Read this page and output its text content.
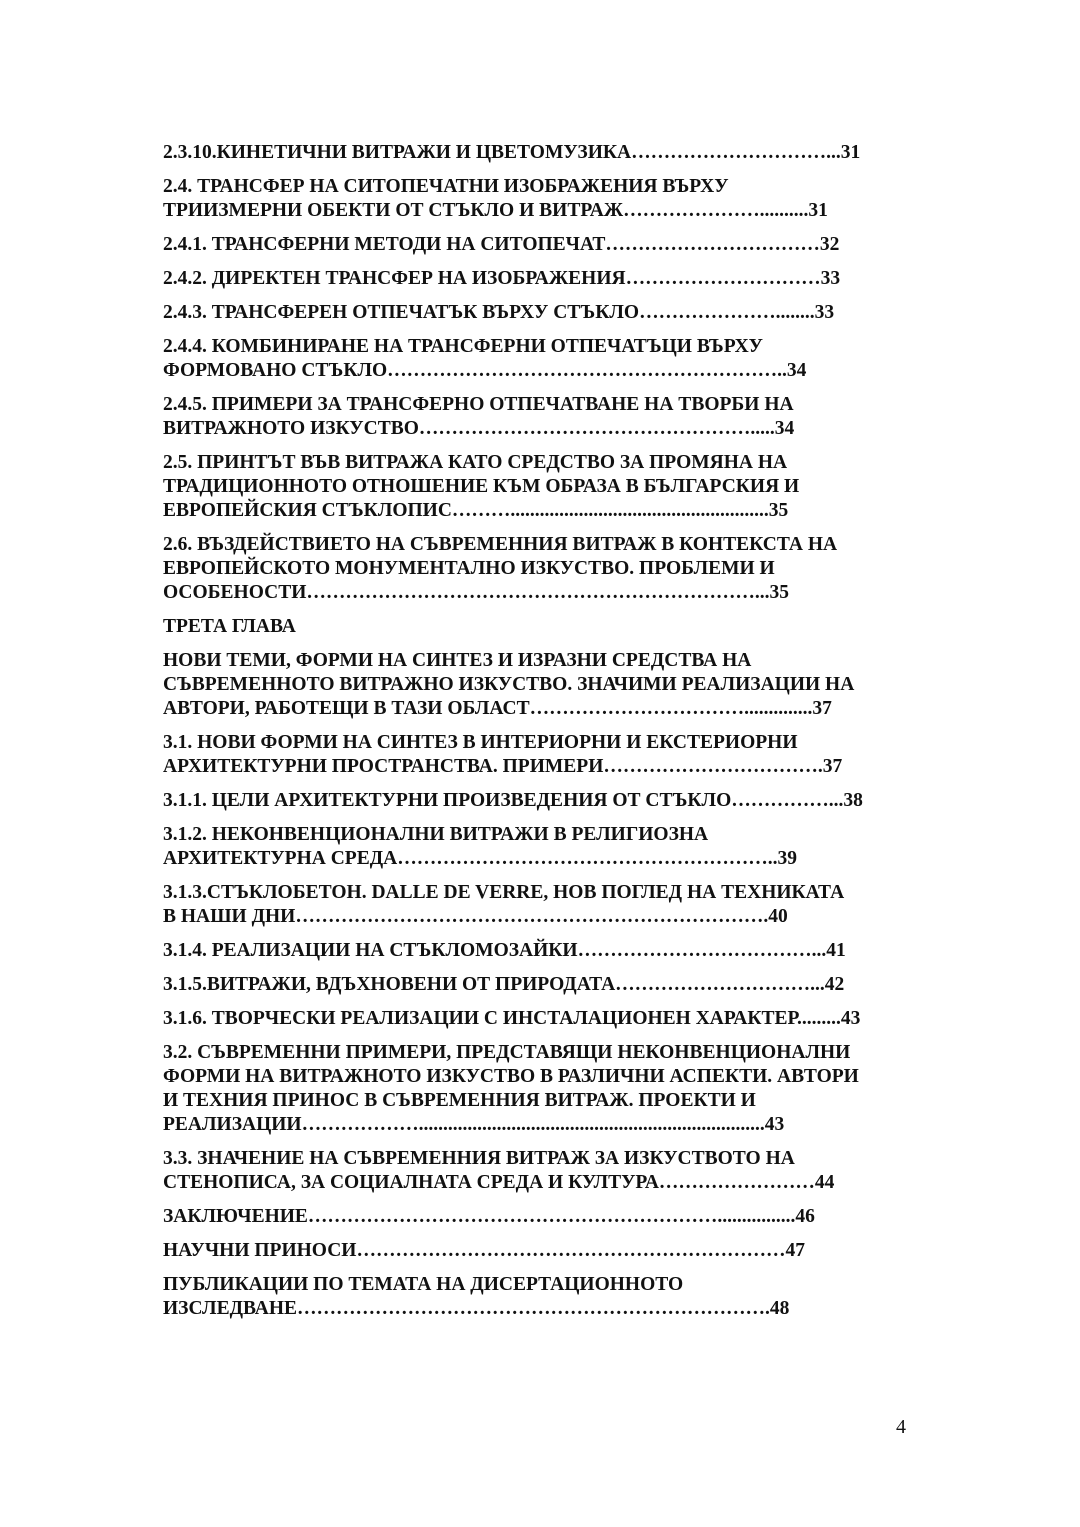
2.3.10.КИНЕТИЧНИ ВИТРАЖИ И ЦВЕТОМУЗИКА…………………………...31
2.4. ТРАНСФЕР НА СИТОПЕЧАТНИ ИЗОБРАЖЕНИЯ ВЪРХУ
ТРИИЗМЕРНИ ОБЕКТИ ОТ СТЪКЛО И ВИТРАЖ…………………..........31
2.4.1. ТРАНСФЕРНИ МЕТОДИ НА СИТОПЕЧАТ……………………………32
2.4.2. ДИРЕКТЕН ТРАНСФЕР НА ИЗОБРАЖЕНИЯ…………………………33
2.4.3. ТРАНСФЕРЕН ОТПЕЧАТЪК ВЪРХУ СТЪКЛО…………………........33
2.4.4. КОМБИНИРАНЕ НА ТРАНСФЕРНИ ОТПЕЧАТЪЦИ ВЪРХУ
ФОРМОВАНО СТЪКЛО……………………………………………………..34
2.4.5. ПРИМЕРИ ЗА ТРАНСФЕРНО ОТПЕЧАТВАНЕ НА ТВОРБИ НА
ВИТРАЖНОТО ИЗКУСТВО…………………………………………….....34
2.5. ПРИНТЪТ ВЪВ ВИТРАЖА КАТО СРЕДСТВО ЗА ПРОМЯНА НА
ТРАДИЦИОННОТО ОТНОШЕНИЕ КЪМ ОБРАЗА В БЪЛГАРСКИЯ И
ЕВРОПЕЙСКИЯ СТЪКЛОПИС……….....................................................35
2.6. ВЪЗДЕЙСТВИЕТО НА СЪВРЕМЕННИЯ ВИТРАЖ В КОНТЕКСТА НА
ЕВРОПЕЙСКОТО МОНУМЕНТАЛНО ИЗКУСТВО. ПРОБЛЕМИ И
ОСОБЕНОСТИ……………………………………………………………...35
ТРЕТА ГЛАВА
НОВИ ТЕМИ, ФОРМИ НА СИНТЕЗ И ИЗРАЗНИ СРЕДСТВА НА
СЪВРЕМЕННОТО ВИТРАЖНО ИЗКУСТВО. ЗНАЧИМИ РЕАЛИЗАЦИИ НА
АВТОРИ, РАБОТЕЩИ В ТАЗИ ОБЛАСТ……………………………..............37
3.1. НОВИ ФОРМИ НА СИНТЕЗ В ИНТЕРИОРНИ И ЕКСТЕРИОРНИ
АРХИТЕКТУРНИ ПРОСТРАНСТВА. ПРИМЕРИ…………………………….37
3.1.1. ЦЕЛИ АРХИТЕКТУРНИ ПРОИЗВЕДЕНИЯ ОТ СТЪКЛО……………...38
3.1.2. НЕКОНВЕНЦИОНАЛНИ ВИТРАЖИ В РЕЛИГИОЗНА
АРХИТЕКТУРНА СРЕДА…………………………………………………..39
3.1.3.СТЪКЛОБЕТОН. DALLE DE VERRE, НОВ ПОГЛЕД НА ТЕХНИКАТА
В НАШИ ДНИ……………………………………………………………….40
3.1.4. РЕАЛИЗАЦИИ НА СТЪКЛОМОЗАЙКИ………………………………...41
3.1.5.ВИТРАЖИ, ВДЪХНОВЕНИ ОТ ПРИРОДАТА…………………………...42
3.1.6. ТВОРЧЕСКИ РЕАЛИЗАЦИИ С ИНСТАЛАЦИОНЕН ХАРАКТЕР.........43
3.2. СЪВРЕМЕННИ ПРИМЕРИ, ПРЕДСТАВЯЩИ НЕКОНВЕНЦИОНАЛНИ
ФОРМИ НА ВИТРАЖНОТО ИЗКУСТВО В РАЗЛИЧНИ АСПЕКТИ. АВТОРИ
И ТЕХНИЯ ПРИНОС В СЪВРЕМЕННИЯ ВИТРАЖ. ПРОЕКТИ И
РЕАЛИЗАЦИИ……………….......................................................................43
3.3. ЗНАЧЕНИЕ НА СЪВРЕМЕННИЯ ВИТРАЖ ЗА ИЗКУСТВОТО НА
СТЕНОПИСА, ЗА СОЦИАЛНАТА СРЕДА И КУЛТУРА……………………44
ЗАКЛЮЧЕНИЕ………………………………………………………................46
НАУЧНИ ПРИНОСИ…………………………………………………………47
ПУБЛИКАЦИИ ПО ТЕМАТА НА ДИСЕРТАЦИОННОТО
ИЗСЛЕДВАНЕ……………………………………………………………….48
4
